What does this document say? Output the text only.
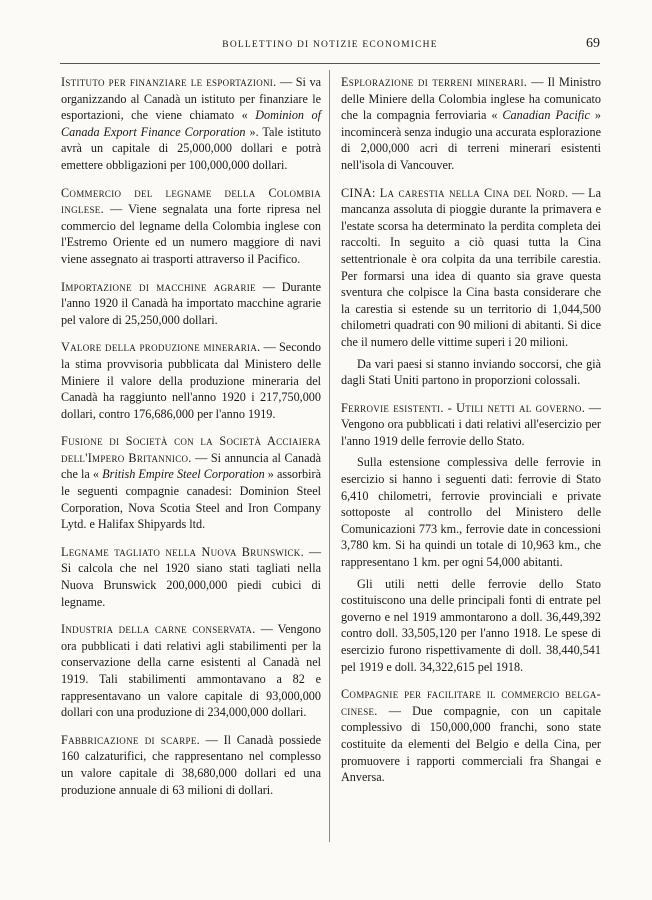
BOLLETTINO DI NOTIZIE ECONOMICHE	69

Istituto per finanziare le esportazioni. — Si va organizzando al Canadà un istituto per finanziare le esportazioni, che viene chiamato « Dominion of Canada Export Finance Corporation ». Tale istituto avrà un capitale di 25,000,000 dollari e potrà emettere obbligazioni per 100,000,000 dollari.

Commercio del legname della Colombia inglese. — Viene segnalata una forte ripresa nel commercio del legname della Colombia inglese con l'Estremo Oriente ed un numero maggiore di navi viene assegnato ai trasporti attraverso il Pacifico.

Importazione di macchine agrarie — Durante l'anno 1920 il Canadà ha importato macchine agrarie pel valore di 25,250,000 dollari.

Valore della produzione mineraria. — Secondo la stima provvisoria pubblicata dal Ministero delle Miniere il valore della produzione mineraria del Canadà ha raggiunto nell'anno 1920 i 217,750,000 dollari, contro 176,686,000 per l'anno 1919.

Fusione di Società con la Società Acciaiera dell'Impero Britannico. — Si annuncia al Canadà che la « British Empire Steel Corporation » assorbirà le seguenti compagnie canadesi: Dominion Steel Corporation, Nova Scotia Steel and Iron Company Lytd. e Halifax Shipyards ltd.

Legname tagliato nella Nuova Brunswick. — Si calcola che nel 1920 siano stati tagliati nella Nuova Brunswick 200,000,000 piedi cubici di legname.

Industria della carne conservata. — Vengono ora pubblicati i dati relativi agli stabilimenti per la conservazione della carne esistenti al Canadà nel 1919. Tali stabilimenti ammontavano a 82 e rappresentavano un valore capitale di 93,000,000 dollari con una produzione di 234,000,000 dollari.

Fabbricazione di scarpe. — Il Canadà possiede 160 calzaturifici, che rappresentano nel complesso un valore capitale di 38,680,000 dollari ed una produzione annuale di 63 milioni di dollari.

Esplorazione di terreni minerari. — Il Ministro delle Miniere della Colombia inglese ha comunicato che la compagnia ferroviaria « Canadian Pacific » incomincerà senza indugio una accurata esplorazione di 2,000,000 acri di terreni minerari esistenti nell'isola di Vancouver.

CINA: La carestia nella Cina del Nord. — La mancanza assoluta di pioggie durante la primavera e l'estate scorsa ha determinato la perdita completa dei raccolti. In seguito a ciò quasi tutta la Cina settentrionale è ora colpita da una terribile carestia. Per formarsi una idea di quanto sia grave questa sventura che colpisce la Cina basta considerare che la carestia si estende su un territorio di 1,044,500 chilometri quadrati con 90 milioni di abitanti. Si dice che il numero delle vittime superi i 20 milioni.

Da vari paesi si stanno inviando soccorsi, che già dagli Stati Uniti partono in proporzioni colossali.

Ferrovie esistenti. - Utili netti al governo. — Vengono ora pubblicati i dati relativi all'esercizio per l'anno 1919 delle ferrovie dello Stato.

Sulla estensione complessiva delle ferrovie in esercizio si hanno i seguenti dati: ferrovie di Stato 6,410 chilometri, ferrovie provinciali e private sottoposte al controllo del Ministero delle Comunicazioni 773 km., ferrovie date in concessioni 3,780 km. Si ha quindi un totale di 10,963 km., che rappresentano 1 km. per ogni 54,000 abitanti.

Gli utili netti delle ferrovie dello Stato costituiscono una delle principali fonti di entrate pel governo e nel 1919 ammontarono a doll. 36,449,392 contro doll. 33,505,120 per l'anno 1918. Le spese di esercizio furono rispettivamente di doll. 38,440,541 pel 1919 e doll. 34,322,615 pel 1918.

Compagnie per facilitare il commercio belga-cinese. — Due compagnie, con un capitale complessivo di 150,000,000 franchi, sono state costituite da elementi del Belgio e della Cina, per promuovere i rapporti commerciali fra Shangai e Anversa.
